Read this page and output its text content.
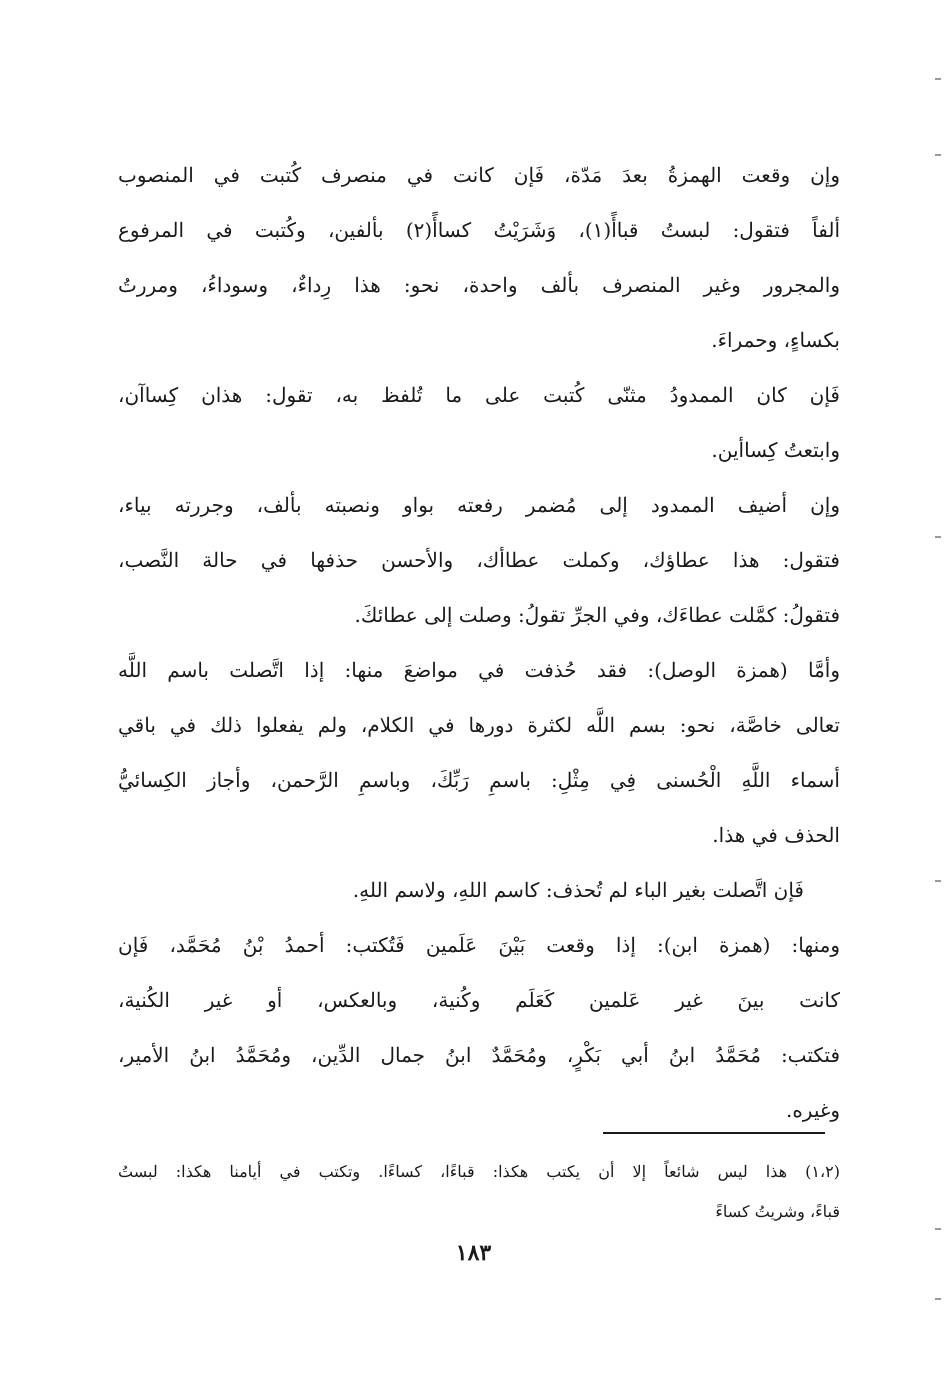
وإن وقعت الهمزةُ بعدَ مَدّة، فَإن كانت في منصرف كُتبت في المنصوب
ألفاً فتقول: لبستُ قباأً(١)، وَشَرَيْتُ كساأً(٢) بألفين، وكُتبت في المرفوع
والمجرور وغير المنصرف بألف واحدة، نحو: هذا رِداءٌ، وسوداءُ، ومررتُ
بكساءٍ، وحمراءَ.
فَإن كان الممدودُ مثنّى كُتبت على ما تُلفظ به، تقول: هذان كِساآن،
وابتعتُ كِساأين.
وإن أضيف الممدود إلى مُضمر رفعته بواو ونصبته بألف، وجررته بياء،
فتقول: هذا عطاؤك، وكملت عطاأك، والأحسن حذفها في حالة النَّصب،
فتقولُ: كمَّلت عطاءَك، وفي الجرِّ تقولُ: وصلت إلى عطائكَ.
وأمَّا (همزة الوصل): فقد حُذفت في مواضعَ منها: إذا اتَّصلت باسم اللَّه
تعالى خاصَّة، نحو: بسم اللَّه لكثرة دورها في الكلام، ولم يفعلوا ذلك في باقي
أسماء اللَّهِ الْحُسنى فِي مِثْلِ: باسمِ رَبِّكَ، وباسمِ الرَّحمن، وأجاز الكِسائيُّ
الحذف في هذا.
فَإن اتَّصلت بغير الباء لم تُحذف: كاسم اللهِ، ولاسم اللهِ.
ومنها: (همزة ابن): إذا وقعت بَيْنَ عَلَمين فَتُكتب: أحمدُ بْنُ مُحَمَّد، فَإن
كانت بينَ غير عَلمين كَعَلَم وكُنية، وبالعكس، أو غير الكُنية،
فتكتب: مُحَمَّدُ ابنُ أبي بَكْرٍ، ومُحَمَّدٌ ابنُ جمال الدِّين، ومُحَمَّدُ ابنُ الأمير،
وغيره.
(١،٢) هذا ليس شائعاً إلا أن يكتب هكذا: قباءًا، كساءًا. وتكتب في أيامنا هكذا: لبستُ
قباءً، وشريتُ كساءً
١٨٣
